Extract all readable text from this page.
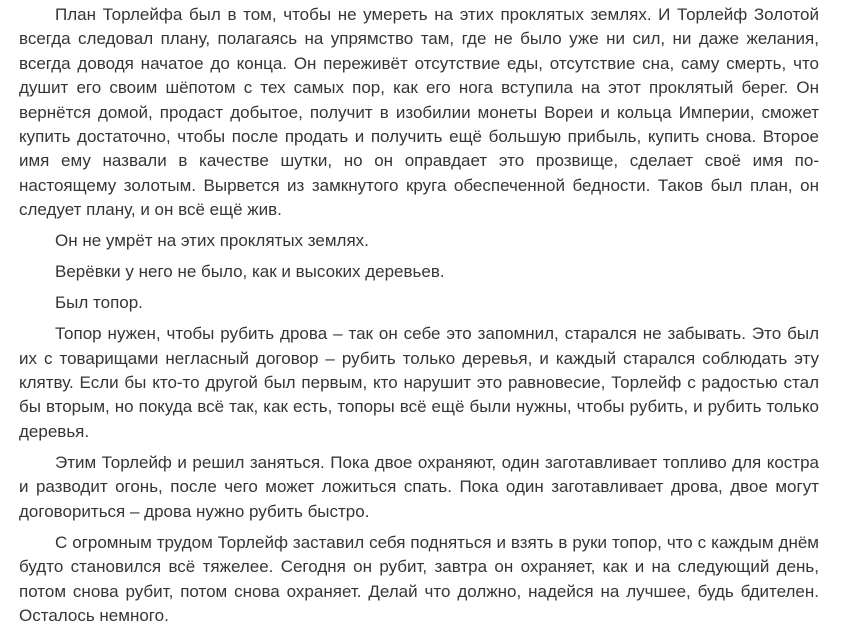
План Торлейфа был в том, чтобы не умереть на этих проклятых землях. И Торлейф Золотой всегда следовал плану, полагаясь на упрямство там, где не было уже ни сил, ни даже желания, всегда доводя начатое до конца. Он переживёт отсутствие еды, отсутствие сна, саму смерть, что душит его своим шёпотом с тех самых пор, как его нога вступила на этот проклятый берег. Он вернётся домой, продаст добытое, получит в изобилии монеты Вореи и кольца Империи, сможет купить достаточно, чтобы после продать и получить ещё большую прибыль, купить снова. Второе имя ему назвали в качестве шутки, но он оправдает это прозвище, сделает своё имя по-настоящему золотым. Вырвется из замкнутого круга обеспеченной бедности. Таков был план, он следует плану, и он всё ещё жив.

Он не умрёт на этих проклятых землях.

Верёвки у него не было, как и высоких деревьев.

Был топор.

Топор нужен, чтобы рубить дрова – так он себе это запомнил, старался не забывать. Это был их с товарищами негласный договор – рубить только деревья, и каждый старался соблюдать эту клятву. Если бы кто-то другой был первым, кто нарушит это равновесие, Торлейф с радостью стал бы вторым, но покуда всё так, как есть, топоры всё ещё были нужны, чтобы рубить, и рубить только деревья.

Этим Торлейф и решил заняться. Пока двое охраняют, один заготавливает топливо для костра и разводит огонь, после чего может ложиться спать. Пока один заготавливает дрова, двое могут договориться – дрова нужно рубить быстро.

С огромным трудом Торлейф заставил себя подняться и взять в руки топор, что с каждым днём будто становился всё тяжелее. Сегодня он рубит, завтра он охраняет, как и на следующий день, потом снова рубит, потом снова охраняет. Делай что должно, надейся на лучшее, будь бдителен. Осталось немного.
